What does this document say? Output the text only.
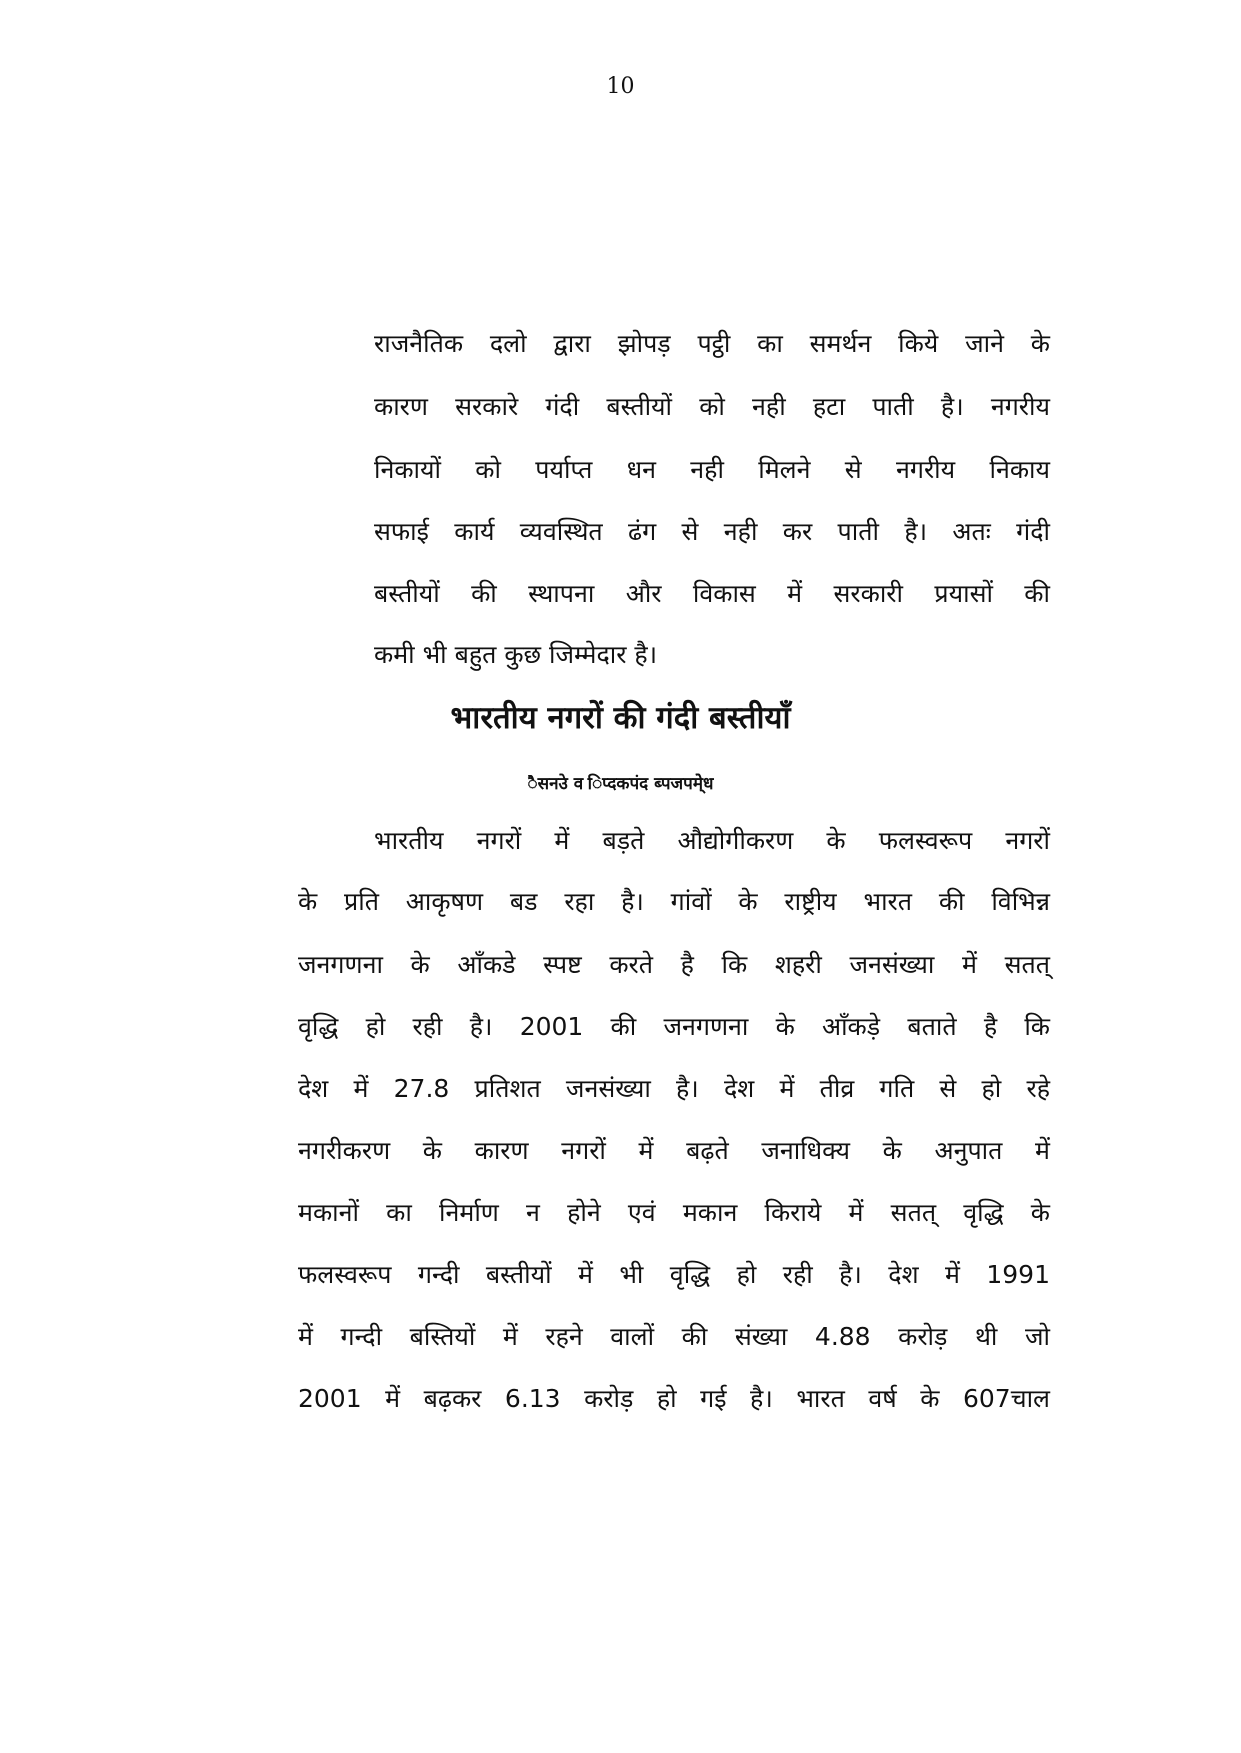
10
राजनैतिक दलो द्वारा झोपड़ पट्ठी का समर्थन किये जाने के
कारण सरकारे गंदी बस्तीयों को नही हटा पाती है। नगरीय
निकायों को पर्याप्त धन नही मिलने से नगरीय निकाय
सफाई कार्य व्यवस्थित ढंग से नही कर पाती है। अतः गंदी
बस्तीयों की स्थापना और विकास में सरकारी प्रयासों की
कमी भी बहुत कुछ जिम्मेदार है।
भारतीय नगरों की गंदी बस्तीयाँ
ेैसनउे व िप्दकपंद ब्पजपमेे्ध
भारतीय नगरों में बड़ते औद्योगीकरण के फलस्वरूप नगरों
के प्रति आकृषण बड रहा है। गांवों के राष्ट्रीय भारत की विभिन्न
जनगणना के आँकडे स्पष्ट करते है कि शहरी जनसंख्या में सतत्
वृद्धि हो रही है। 2001 की जनगणना के आँकड़े बताते है कि
देश में 27.8 प्रतिशत जनसंख्या है। देश में तीव्र गति से हो रहे
नगरीकरण के कारण नगरों में बढ़ते जनाधिक्य के अनुपात में
मकानों का निर्माण न होने एवं मकान किराये में सतत् वृद्धि के
फलस्वरूप गन्दी बस्तीयों में भी वृद्धि हो रही है। देश में 1991
में गन्दी बस्तियों में रहने वालों की संख्या 4.88 करोड़ थी जो
2001 में बढ़कर 6.13 करोड़ हो गई है। भारत वर्ष के 607चाल
